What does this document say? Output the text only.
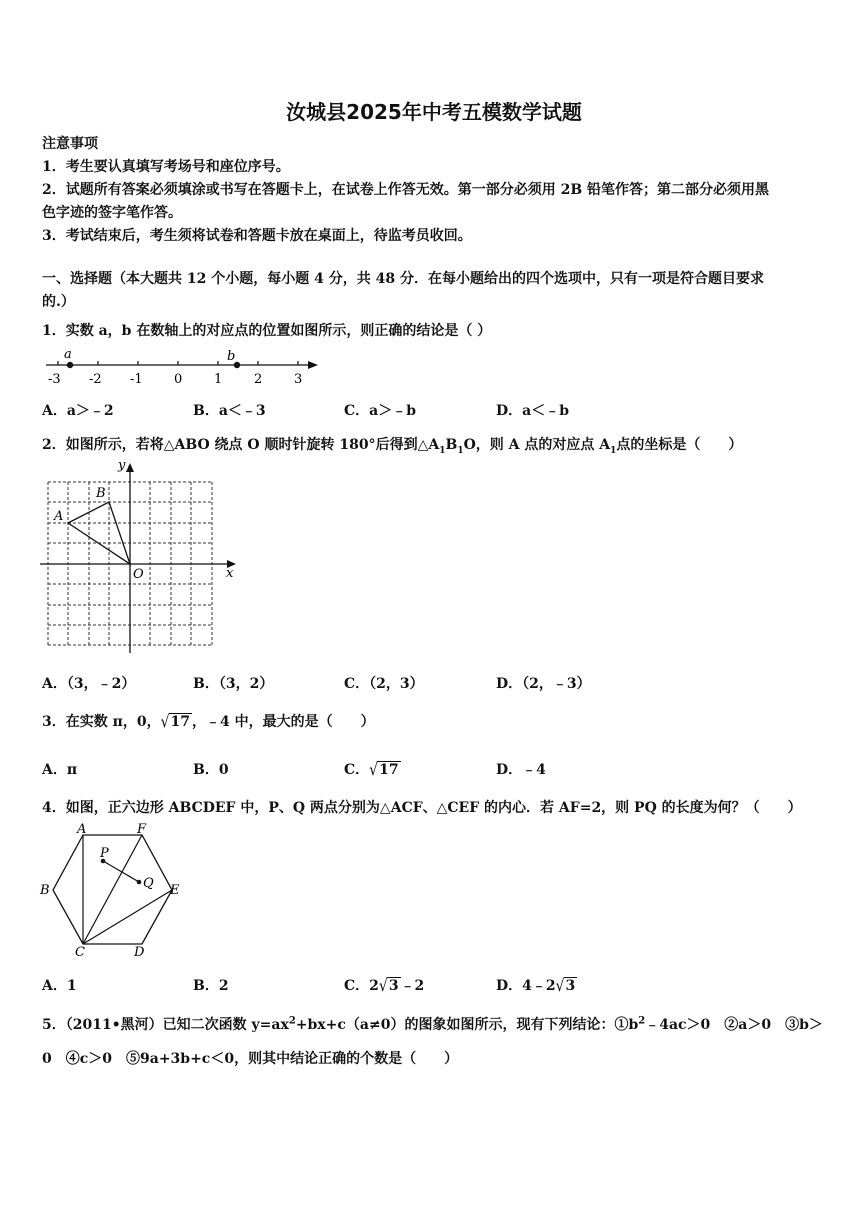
汝城县2025年中考五模数学试题
注意事项
1．考生要认真填写考场号和座位序号。
2．试题所有答案必须填涂或书写在答题卡上，在试卷上作答无效。第一部分必须用 2B 铅笔作答；第二部分必须用黑
色字迹的签字笔作答。
3．考试结束后，考生须将试卷和答题卡放在桌面上，待监考员收回。
一、选择题（本大题共 12 个小题，每小题 4 分，共 48 分．在每小题给出的四个选项中，只有一项是符合题目要求
的.）
1．实数 a，b 在数轴上的对应点的位置如图所示，则正确的结论是（ ）
a	b
-3 -2 -1 0 1 2 3
A．a＞﹣2	B．a＜﹣3	C．a＞﹣b	D．a＜﹣b
2．如图所示，若将△ABO 绕点 O 顺时针旋转 180°后得到$\triangle A_1B_1O$，则 A 点的对应点 $A_1$点的坐标是（　　）
A
B
O	x
y
A．（3，﹣2）	B．（3，2）	C．（2，3）	D．（2，﹣3）
3．在实数 π，0，√17 ，﹣4 中，最大的是（　　）
A．π	B．0	C．√17	D．﹣4
4．如图，正六边形 ABCDEF 中，P、Q 两点分别为△ACF、△CEF 的内心．若 AF=2，则 PQ 的长度为何？（　　）
A	F
B	E
C	D
P
Q
A．1	B．2	C．2√3 ﹣2	D．4﹣2√3
5．（2011•黑河）已知二次函数 $y=ax^2+bx+c(a\ne 0)$的图象如图所示，现有下列结论：$①b^2﹣4ac>0$　②a＞0　③b＞
0　④c＞0　⑤9a+3b+c＜0，则其中结论正确的个数是（　　）
